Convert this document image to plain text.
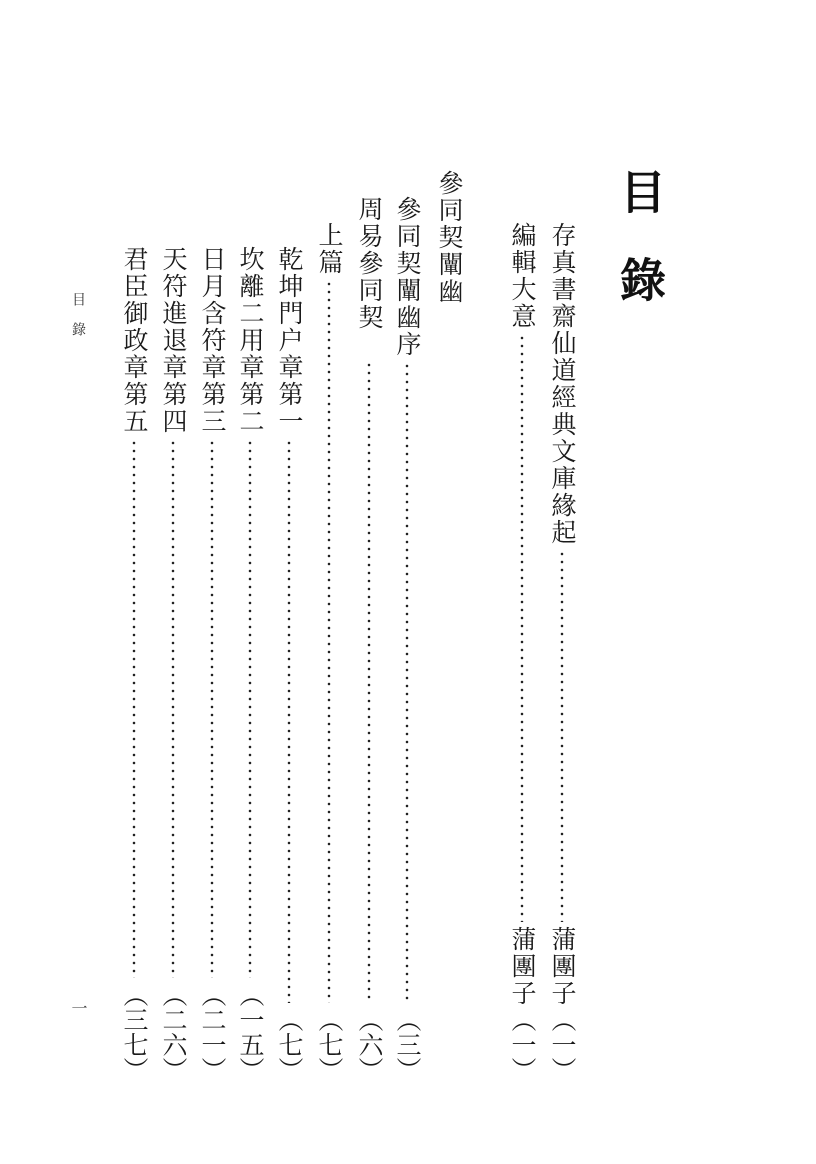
目錄
存真書齋仙道經典文庫緣起
蒲團子
（一）
編輯大意
蒲團子
（一）
參同契闡幽
參同契闡幽序
（三）
周易參同契
（六）
上篇
（七）
乾坤門户章第一
（七）
坎離二用章第二
（一五）
日月含符章第三
（二一）
天符進退章第四
（二六）
君臣御政章第五
（三七）
目錄
一
